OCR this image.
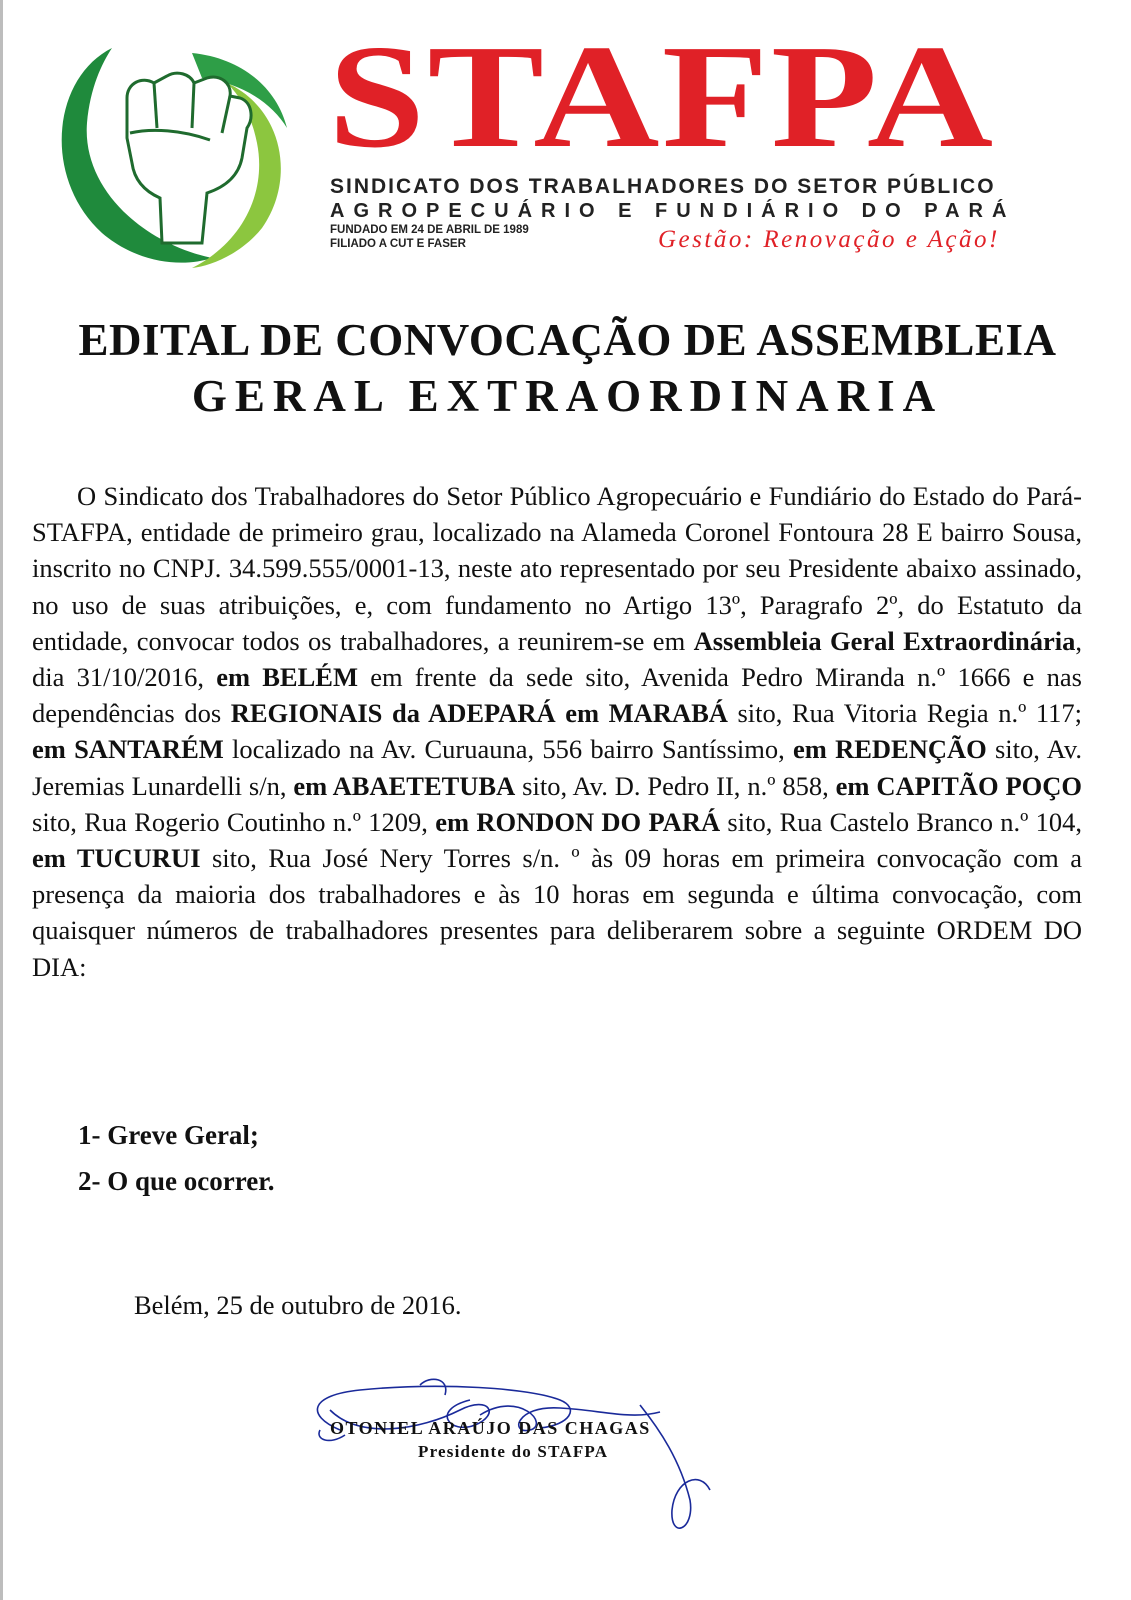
STAFPA
SINDICATO DOS TRABALHADORES DO SETOR PÚBLICO
AGROPECUÁRIO E FUNDIÁRIO DO PARÁ
FUNDADO EM 24 DE ABRIL DE 1989
FILIADO A CUT E FASER	Gestão: Renovação e Ação!
EDITAL DE CONVOCAÇÃO DE ASSEMBLEIA
GERAL EXTRAORDINARIA
O Sindicato dos Trabalhadores do Setor Público Agropecuário e Fundiário do Estado do Pará-STAFPA, entidade de primeiro grau, localizado na Alameda Coronel Fontoura 28 E bairro Sousa, inscrito no CNPJ. 34.599.555/0001-13, neste ato representado por seu Presidente abaixo assinado, no uso de suas atribuições, e, com fundamento no Artigo 13º, Paragrafo 2º, do Estatuto da entidade, convocar todos os trabalhadores, a reunirem-se em Assembleia Geral Extraordinária, dia 31/10/2016, em BELÉM em frente da sede sito, Avenida Pedro Miranda n.º 1666 e nas dependências dos REGIONAIS da ADEPARÁ em MARABÁ sito, Rua Vitoria Regia n.º 117; em SANTARÉM localizado na Av. Curuauna, 556 bairro Santíssimo, em REDENÇÃO sito, Av. Jeremias Lunardelli s/n, em ABAETETUBA sito, Av. D. Pedro II, n.º 858, em CAPITÃO POÇO sito, Rua Rogerio Coutinho n.º 1209, em RONDON DO PARÁ sito, Rua Castelo Branco n.º 104, em TUCURUI sito, Rua José Nery Torres s/n. º às 09 horas em primeira convocação com a presença da maioria dos trabalhadores e às 10 horas em segunda e última convocação, com quaisquer números de trabalhadores presentes para deliberarem sobre a seguinte ORDEM DO DIA:
1- Greve Geral;
2- O que ocorrer.
Belém, 25 de outubro de 2016.
OTONIEL ARAÚJO DAS CHAGAS
Presidente do STAFPA
